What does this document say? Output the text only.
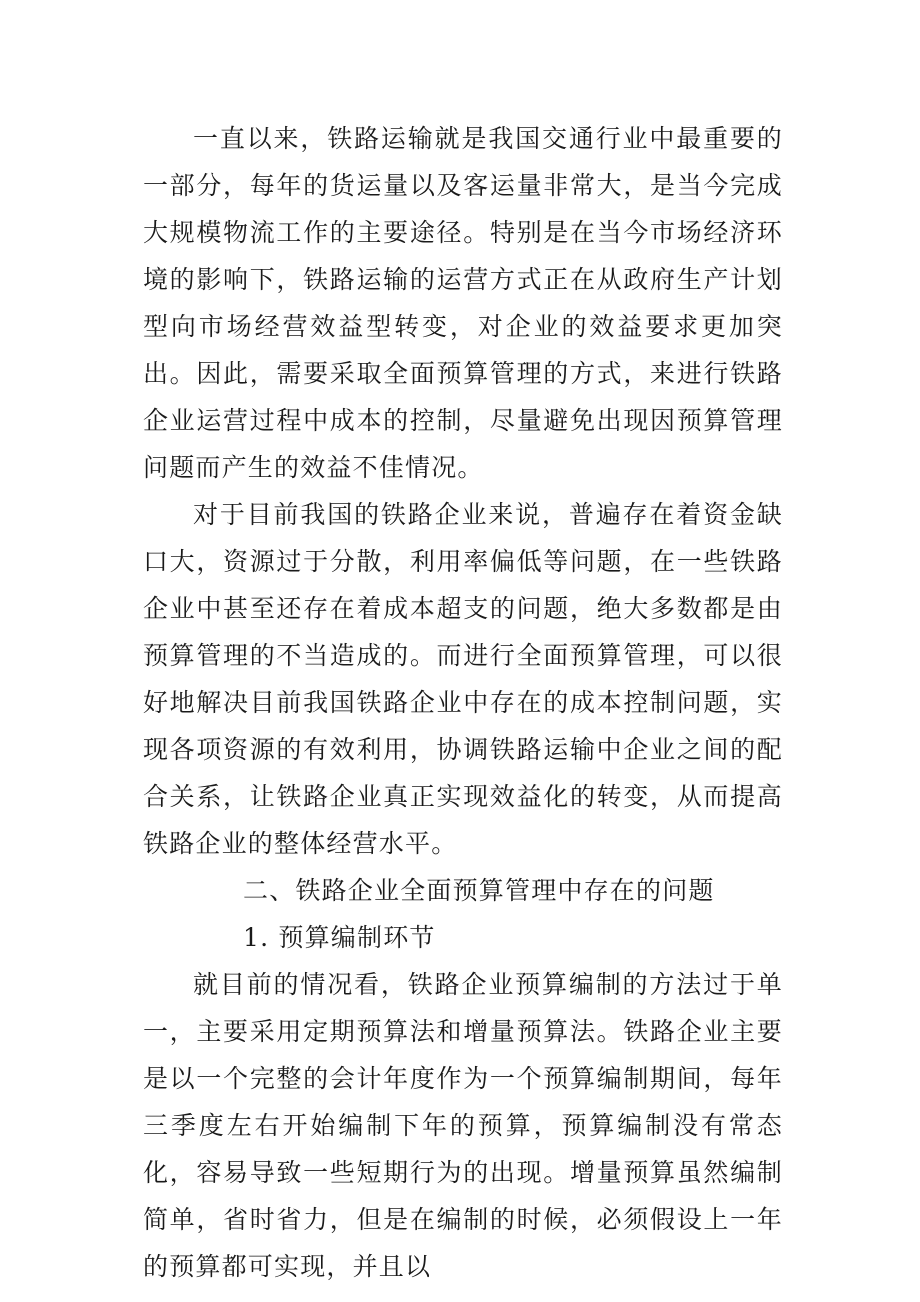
一直以来，铁路运输就是我国交通行业中最重要的一部分，每年的货运量以及客运量非常大，是当今完成大规模物流工作的主要途径。特别是在当今市场经济环境的影响下，铁路运输的运营方式正在从政府生产计划型向市场经营效益型转变，对企业的效益要求更加突出。因此，需要采取全面预算管理的方式，来进行铁路企业运营过程中成本的控制，尽量避免出现因预算管理问题而产生的效益不佳情况。

对于目前我国的铁路企业来说，普遍存在着资金缺口大，资源过于分散，利用率偏低等问题，在一些铁路企业中甚至还存在着成本超支的问题，绝大多数都是由预算管理的不当造成的。而进行全面预算管理，可以很好地解决目前我国铁路企业中存在的成本控制问题，实现各项资源的有效利用，协调铁路运输中企业之间的配合关系，让铁路企业真正实现效益化的转变，从而提高铁路企业的整体经营水平。

二、铁路企业全面预算管理中存在的问题

1. 预算编制环节

就目前的情况看，铁路企业预算编制的方法过于单一，主要采用定期预算法和增量预算法。铁路企业主要是以一个完整的会计年度作为一个预算编制期间，每年三季度左右开始编制下年的预算，预算编制没有常态化，容易导致一些短期行为的出现。增量预算虽然编制简单，省时省力，但是在编制的时候，必须假设上一年的预算都可实现，并且以
